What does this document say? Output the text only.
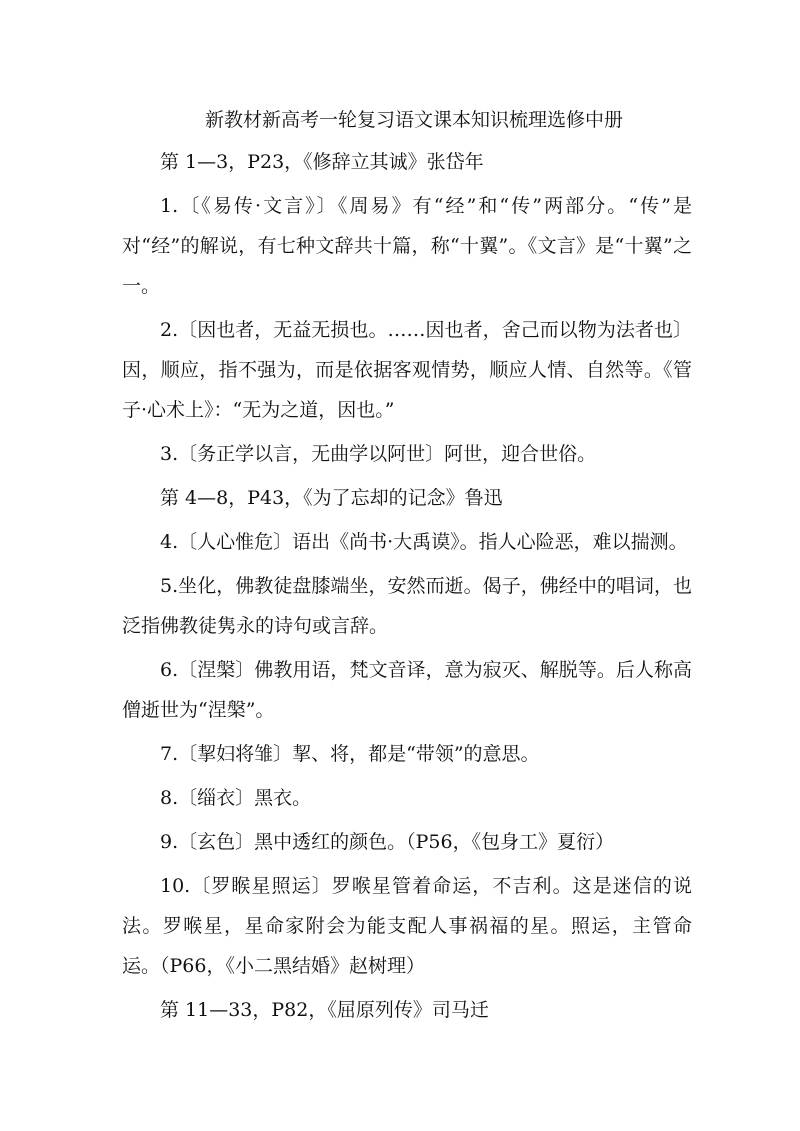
新教材新高考一轮复习语文课本知识梳理选修中册
第 1—3，P23，《修辞立其诚》张岱年
1.〔《易传·文言》〕《周易》有“经”和“传”两部分。“传”是对“经”的解说，有七种文辞共十篇，称“十翼”。《文言》是“十翼”之一。
2.〔因也者，无益无损也。……因也者，舍己而以物为法者也〕因，顺应，指不强为，而是依据客观情势，顺应人情、自然等。《管子·心术上》：“无为之道，因也。”
3.〔务正学以言，无曲学以阿世〕阿世，迎合世俗。
第 4—8，P43，《为了忘却的记念》鲁迅
4.〔人心惟危〕语出《尚书·大禹谟》。指人心险恶，难以揣测。
5.坐化，佛教徒盘膝端坐，安然而逝。偈子，佛经中的唱词，也泛指佛教徒隽永的诗句或言辞。
6.〔涅槃〕佛教用语，梵文音译，意为寂灭、解脱等。后人称高僧逝世为“涅槃”。
7.〔挈妇将雏〕挈、将，都是“带领”的意思。
8.〔缁衣〕黑衣。
9.〔玄色〕黑中透红的颜色。（P56，《包身工》夏衍）
10.〔罗睺星照运〕罗喉星管着命运，不吉利。这是迷信的说法。罗喉星，星命家附会为能支配人事祸福的星。照运，主管命运。（P66，《小二黑结婚》赵树理）
第 11—33，P82，《屈原列传》司马迁
